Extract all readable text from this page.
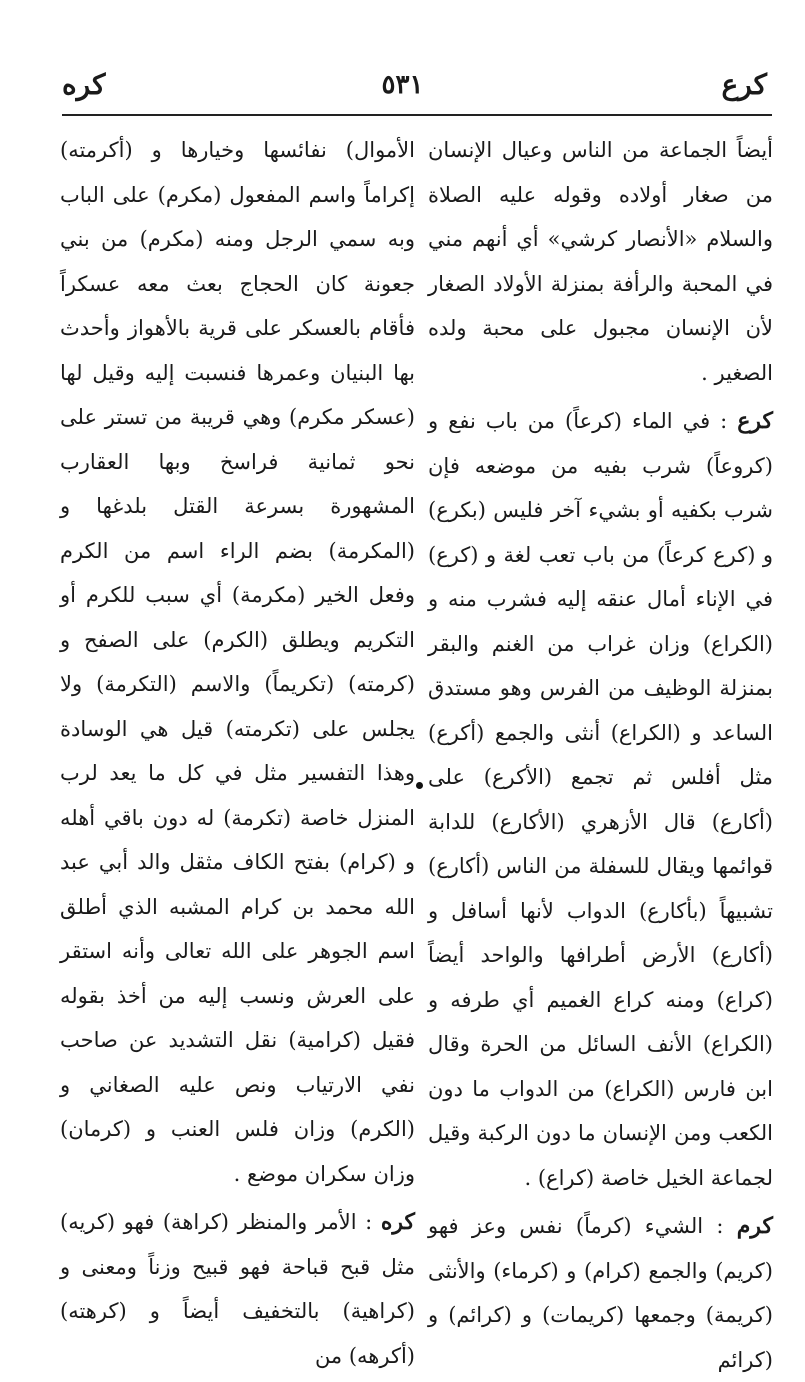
كرع
٥٣١
كره

أيضاً الجماعة من الناس وعيال الإنسان من صغار أولاده وقوله عليه الصلاة والسلام «الأنصار كرشي» أي أنهم مني في المحبة والرأفة بمنزلة الأولاد الصغار لأن الإنسان مجبول على محبة ولده الصغير .

كرع : في الماء (كرعاً) من باب نفع و (كروعاً) شرب بفيه من موضعه فإن شرب بكفيه أو بشيء آخر فليس (بكرع) و (كرع كرعاً) من باب تعب لغة و (كرع) في الإناء أمال عنقه إليه فشرب منه و (الكراع) وزان غراب من الغنم والبقر بمنزلة الوظيف من الفرس وهو مستدق الساعد و (الكراع) أنثى والجمع (أكرع) مثل أفلس ثم تجمع (الأكرع) على (أكارع) قال الأزهري (الأكارع) للدابة قوائمها ويقال للسفلة من الناس (أكارع) تشبيهاً (بأكارع) الدواب لأنها أسافل و (أكارع) الأرض أطرافها والواحد أيضاً (كراع) ومنه كراع الغميم أي طرفه و (الكراع) الأنف السائل من الحرة وقال ابن فارس (الكراع) من الدواب ما دون الكعب ومن الإنسان ما دون الركبة وقيل لجماعة الخيل خاصة (كراع) .

كرم : الشيء (كرماً) نفس وعز فهو (كريم) والجمع (كرام) و (كرماء) والأنثى (كريمة) وجمعها (كريمات) و (كرائم) و (كرائم

الأموال) نفائسها وخيارها و (أكرمته) إكراماً واسم المفعول (مكرم) على الباب وبه سمي الرجل ومنه (مكرم) من بني جعونة كان الحجاج بعث معه عسكراً فأقام بالعسكر على قرية بالأهواز وأحدث بها البنيان وعمرها فنسبت إليه وقيل لها (عسكر مكرم) وهي قريبة من تستر على نحو ثمانية فراسخ وبها العقارب المشهورة بسرعة القتل بلدغها و (المكرمة) بضم الراء اسم من الكرم وفعل الخير (مكرمة) أي سبب للكرم أو التكريم ويطلق (الكرم) على الصفح و (كرمته) (تكريماً) والاسم (التكرمة) ولا يجلس على (تكرمته) قيل هي الوسادة وهذا التفسير مثل في كل ما يعد لرب المنزل خاصة (تكرمة) له دون باقي أهله و (كرام) بفتح الكاف مثقل والد أبي عبد الله محمد بن كرام المشبه الذي أطلق اسم الجوهر على الله تعالى وأنه استقر على العرش ونسب إليه من أخذ بقوله فقيل (كرامية) نقل التشديد عن صاحب نفي الارتياب ونص عليه الصغاني و (الكرم) وزان فلس العنب و (كرمان) وزان سكران موضع .

كره : الأمر والمنظر (كراهة) فهو (كريه) مثل قبح قباحة فهو قبيح وزناً ومعنى و (كراهية) بالتخفيف أيضاً و (كرهته) (أكرهه) من
